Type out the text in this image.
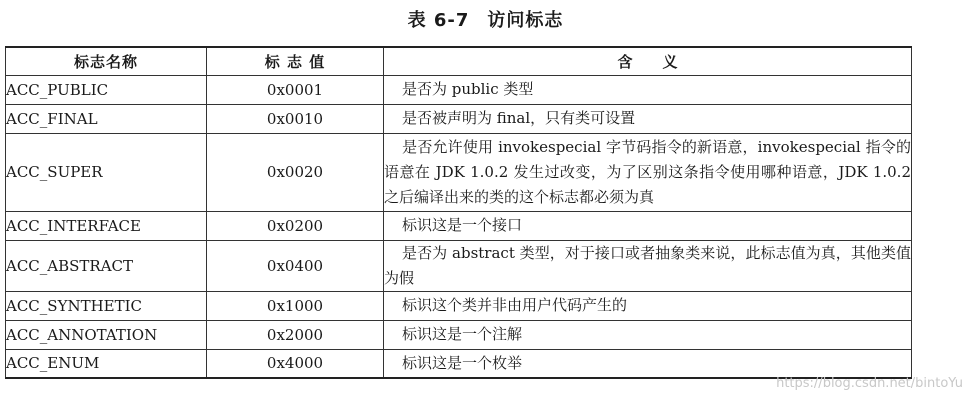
表 6-7 访问标志
标志名称	标 志 值	含义
ACC_PUBLIC	0x0001	是否为 public 类型
ACC_FINAL	0x0010	是否被声明为 final，只有类可设置
ACC_SUPER	0x0020	是否允许使用 invokespecial 字节码指令的新语意，invokespecial 指令的语意在 JDK 1.0.2 发生过改变，为了区别这条指令使用哪种语意，JDK 1.0.2 之后编译出来的类的这个标志都必须为真
ACC_INTERFACE	0x0200	标识这是一个接口
ACC_ABSTRACT	0x0400	是否为 abstract 类型，对于接口或者抽象类来说，此标志值为真，其他类值为假
ACC_SYNTHETIC	0x1000	标识这个类并非由用户代码产生的
ACC_ANNOTATION	0x2000	标识这是一个注解
ACC_ENUM	0x4000	标识这是一个枚举
https://blog.csdn.net/bintoYu
